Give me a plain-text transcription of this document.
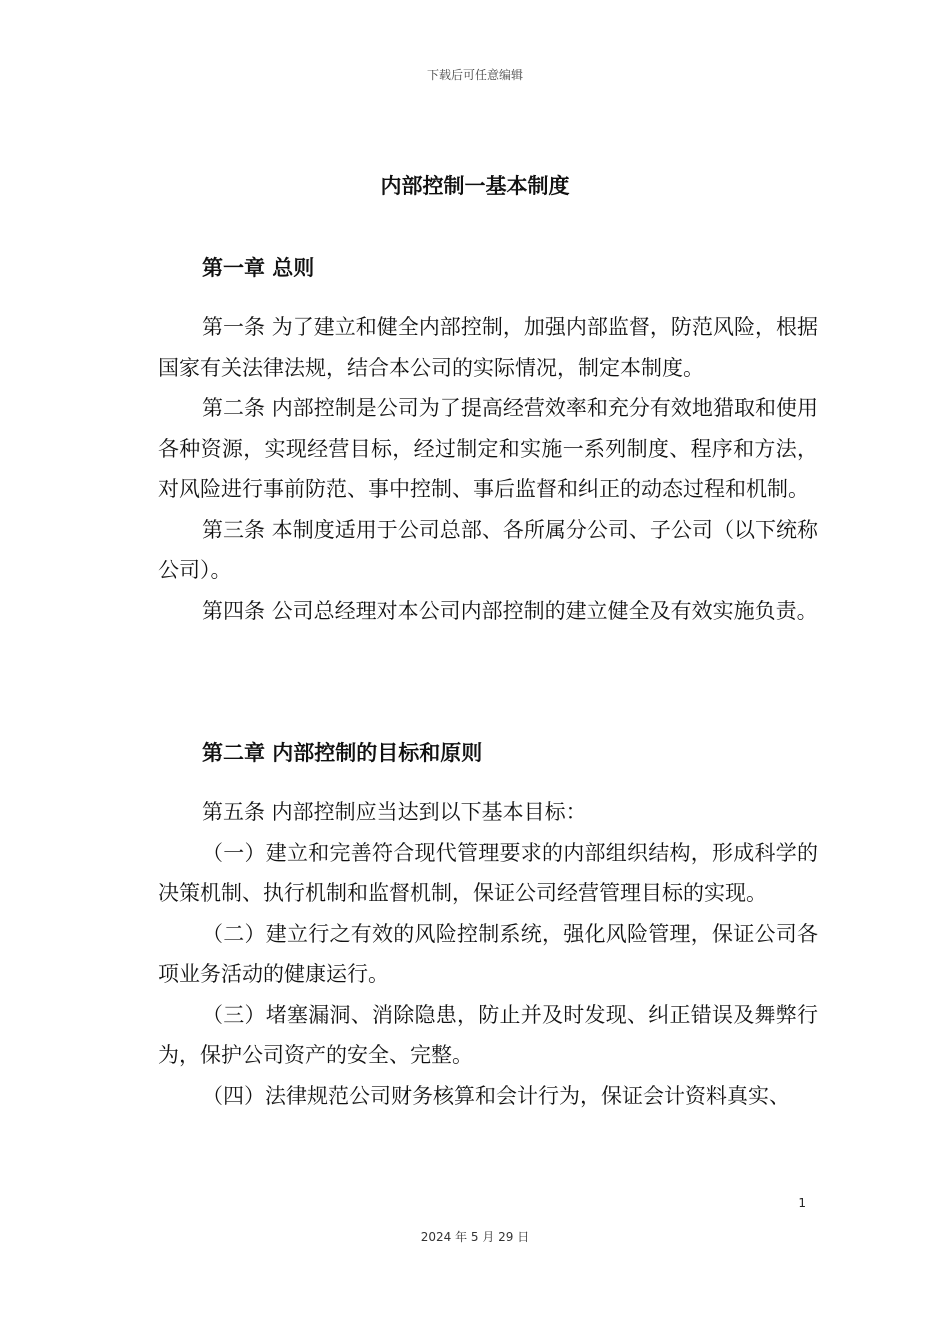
下载后可任意编辑
内部控制一基本制度

第一章 总则

第一条 为了建立和健全内部控制，加强内部监督，防范风险，根据国家有关法律法规，结合本公司的实际情况，制定本制度。

第二条 内部控制是公司为了提高经营效率和充分有效地猎取和使用各种资源，实现经营目标，经过制定和实施一系列制度、程序和方法，对风险进行事前防范、事中控制、事后监督和纠正的动态过程和机制。

第三条 本制度适用于公司总部、各所属分公司、子公司（以下统称公司）。

第四条 公司总经理对本公司内部控制的建立健全及有效实施负责。

第二章 内部控制的目标和原则

第五条 内部控制应当达到以下基本目标：

（一）建立和完善符合现代管理要求的内部组织结构，形成科学的决策机制、执行机制和监督机制，保证公司经营管理目标的实现。

（二）建立行之有效的风险控制系统，强化风险管理，保证公司各项业务活动的健康运行。

（三）堵塞漏洞、消除隐患，防止并及时发现、纠正错误及舞弊行为，保护公司资产的安全、完整。

（四）法律规范公司财务核算和会计行为，保证会计资料真实、

1
2024 年 5 月 29 日
